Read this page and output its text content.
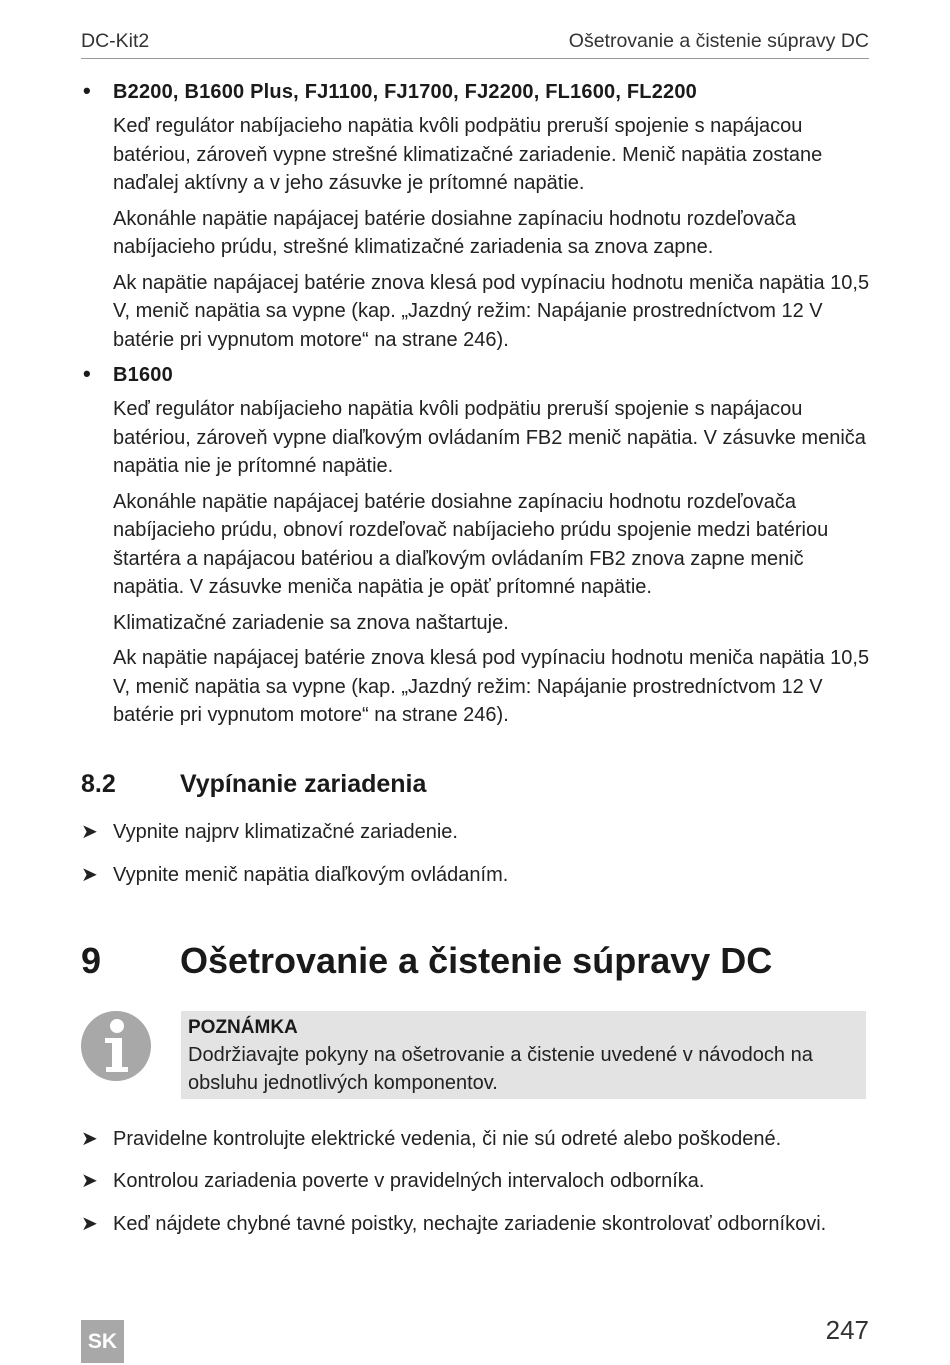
DC-Kit2	Ošetrovanie a čistenie súpravy DC
• B2200, B1600 Plus, FJ1100, FJ1700, FJ2200, FL1600, FL2200

Keď regulátor nabíjacieho napätia kvôli podpätiu preruší spojenie s napájacou batériou, zároveň vypne strešné klimatizačné zariadenie. Menič napätia zostane naďalej aktívny a v jeho zásuvke je prítomné napätie.

Akonáhle napätie napájacej batérie dosiahne zapínaciu hodnotu rozdeľovača nabíjacieho prúdu, strešné klimatizačné zariadenia sa znova zapne.

Ak napätie napájacej batérie znova klesá pod vypínaciu hodnotu meniča napätia 10,5 V, menič napätia sa vypne (kap. „Jazdný režim: Napájanie prostredníctvom 12 V batérie pri vypnutom motore“ na strane 246).

• B1600

Keď regulátor nabíjacieho napätia kvôli podpätiu preruší spojenie s napájacou batériou, zároveň vypne diaľkovým ovládaním FB2 menič napätia. V zásuvke meniča napätia nie je prítomné napätie.

Akonáhle napätie napájacej batérie dosiahne zapínaciu hodnotu rozdeľovača nabíjacieho prúdu, obnoví rozdeľovač nabíjacieho prúdu spojenie medzi batériou štartéra a napájacou batériou a diaľkovým ovládaním FB2 znova zapne menič napätia. V zásuvke meniča napätia je opäť prítomné napätie.

Klimatizačné zariadenie sa znova naštartuje.

Ak napätie napájacej batérie znova klesá pod vypínaciu hodnotu meniča napätia 10,5 V, menič napätia sa vypne (kap. „Jazdný režim: Napájanie prostredníctvom 12 V batérie pri vypnutom motore“ na strane 246).

8.2	Vypínanie zariadenia
➤ Vypnite najprv klimatizačné zariadenie.
➤ Vypnite menič napätia diaľkovým ovládaním.
9 Ošetrovanie a čistenie súpravy DC
POZNÁMKA
Dodržiavajte pokyny na ošetrovanie a čistenie uvedené v návodoch na obsluhu jednotlivých komponentov.
➤ Pravidelne kontrolujte elektrické vedenia, či nie sú odreté alebo poškodené.
➤ Kontrolou zariadenia poverte v pravidelných intervaloch odborníka.
➤ Keď nájdete chybné tavné poistky, nechajte zariadenie skontrolovať odborníkovi.
SK	247
